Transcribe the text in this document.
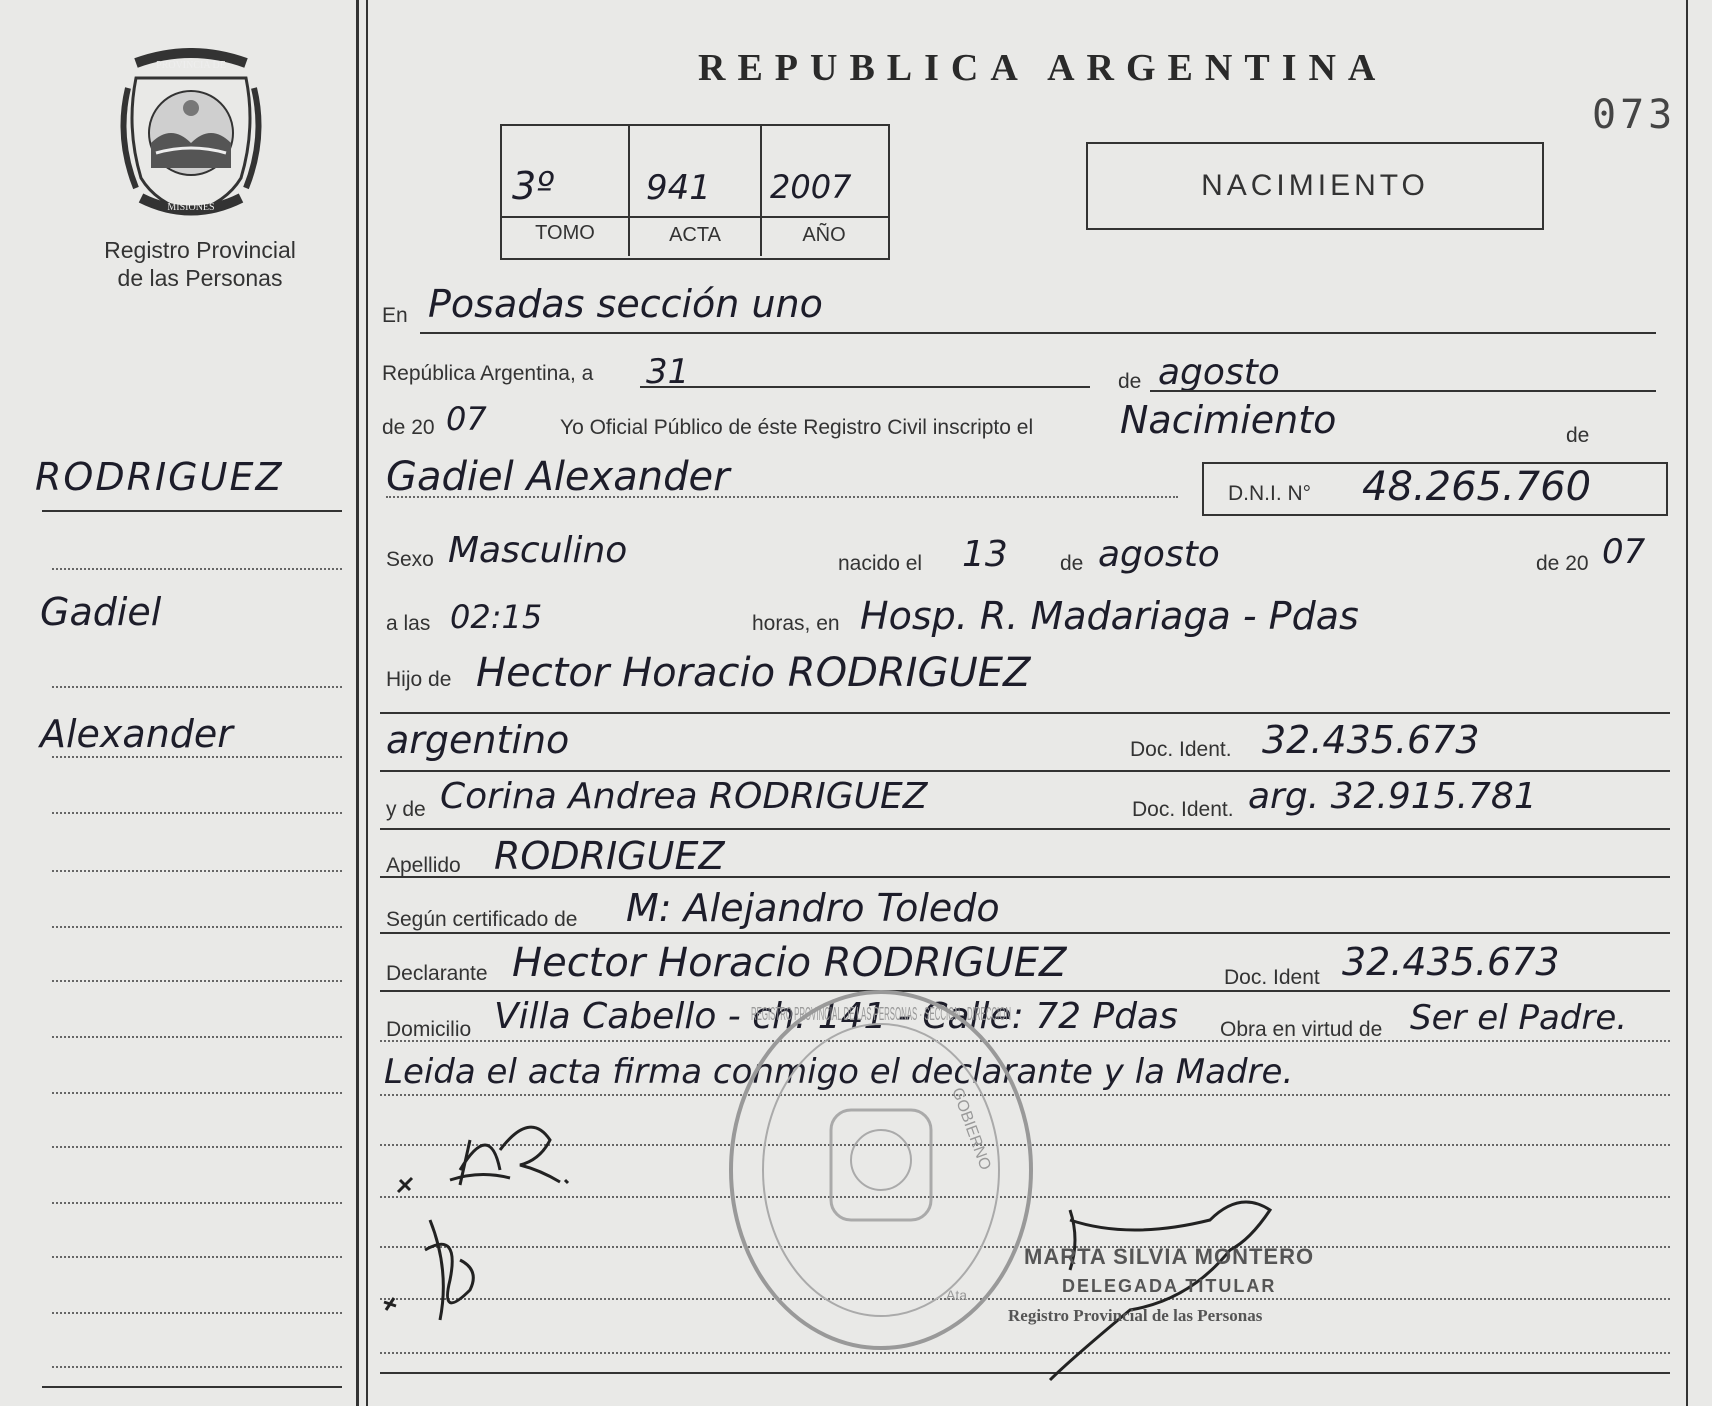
PROVINCIA DE
MISIONES
Registro Provincial
de las Personas
RODRIGUEZ
Gadiel
Alexander
REPUBLICA ARGENTINA
073
3º	941 2007
TOMO	ACTA	AÑO
NACIMIENTO
En Posadas sección uno
República Argentina, a 31	de agosto
de 20 07	Yo Oficial Público de éste Registro Civil inscripto el Nacimiento	de
Gadiel Alexander	D.N.I. N° 48.265.760
Sexo Masculino	nacido el 13 de agosto	de 20 07
a las 02:15	horas, en Hosp. R. Madariaga - Pdas
Hijo de Hector Horacio RODRIGUEZ
argentino	Doc. Ident. 32.435.673
y de Corina Andrea RODRIGUEZ	Doc. Ident. arg. 32.915.781
Apellido RODRIGUEZ
Según certificado de M: Alejandro Toledo
Declarante Hector Horacio RODRIGUEZ	Doc. Ident 32.435.673
Domicilio Villa Cabello - ch. 141 - Calle: 72 Pdas Obra en virtud de Ser el Padre.
Leida el acta firma conmigo el declarante y la Madre.
REGISTRO PROVINCIAL DE LAS PERSONAS · SECCION · DIRECCION
GOBIERNO
Ata.
MARTA SILVIA MONTERO
DELEGADA TITULAR
Registro Provincial de las Personas
